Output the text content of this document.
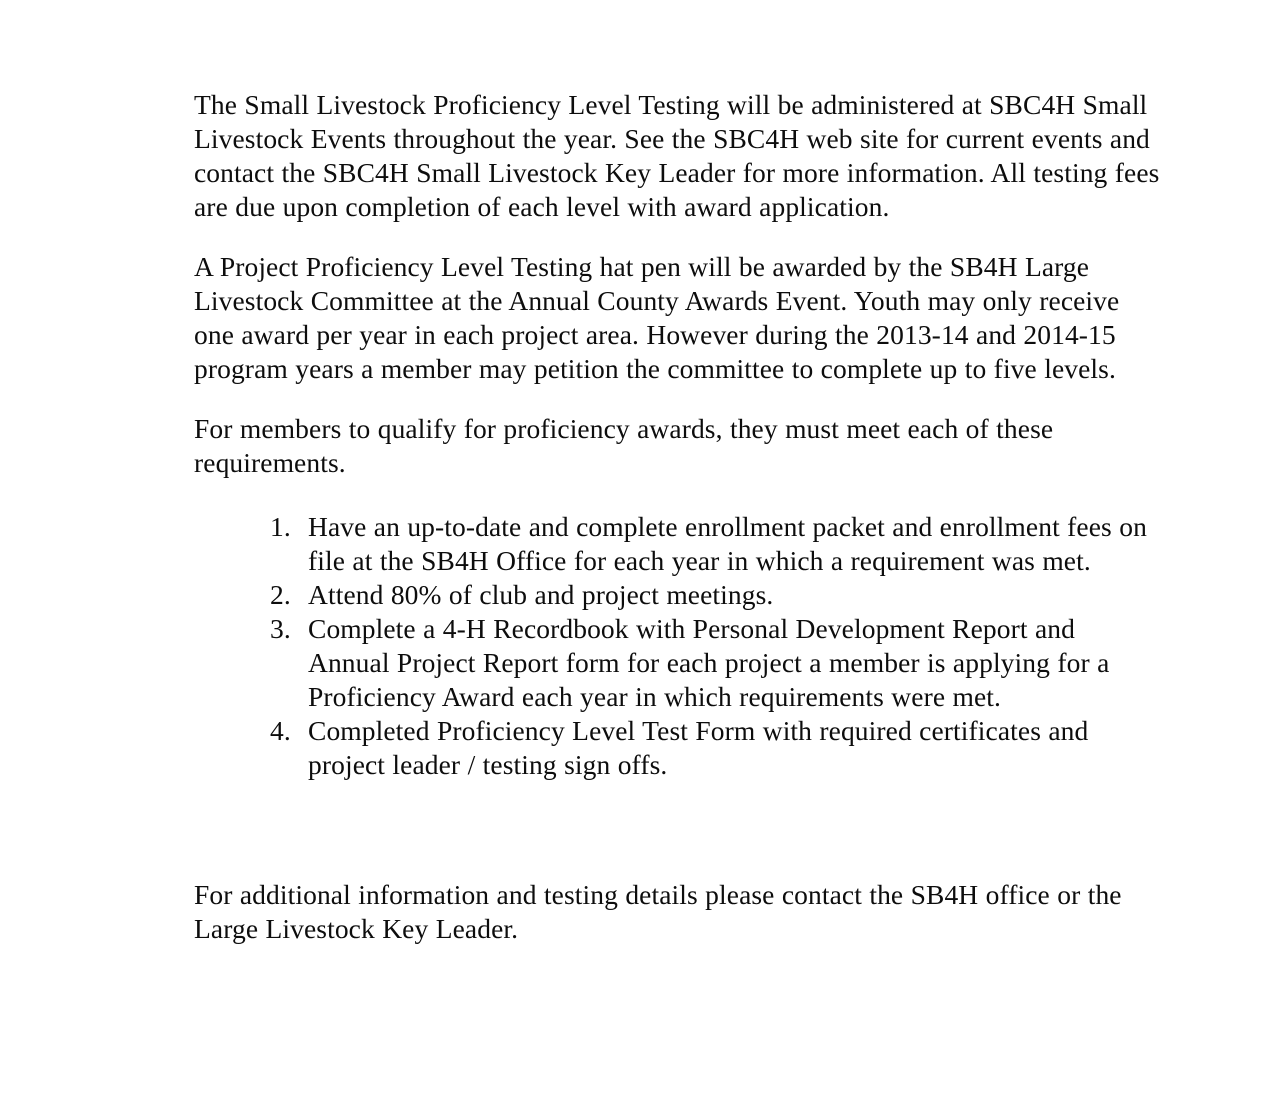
The Small Livestock Proficiency Level Testing will be administered at SBC4H Small Livestock Events throughout the year. See the SBC4H web site for current events and contact the SBC4H Small Livestock Key Leader for more information. All testing fees are due upon completion of each level with award application.

A Project Proficiency Level Testing hat pen will be awarded by the SB4H Large Livestock Committee at the Annual County Awards Event. Youth may only receive one award per year in each project area. However during the 2013-14 and 2014-15 program years a member may petition the committee to complete up to five levels.

For members to qualify for proficiency awards, they must meet each of these requirements.

1. Have an up-to-date and complete enrollment packet and enrollment fees on file at the SB4H Office for each year in which a requirement was met.
2. Attend 80% of club and project meetings.
3. Complete a 4-H Recordbook with Personal Development Report and Annual Project Report form for each project a member is applying for a Proficiency Award each year in which requirements were met.
4. Completed Proficiency Level Test Form with required certificates and project leader / testing sign offs.

For additional information and testing details please contact the SB4H office or the Large Livestock Key Leader.
